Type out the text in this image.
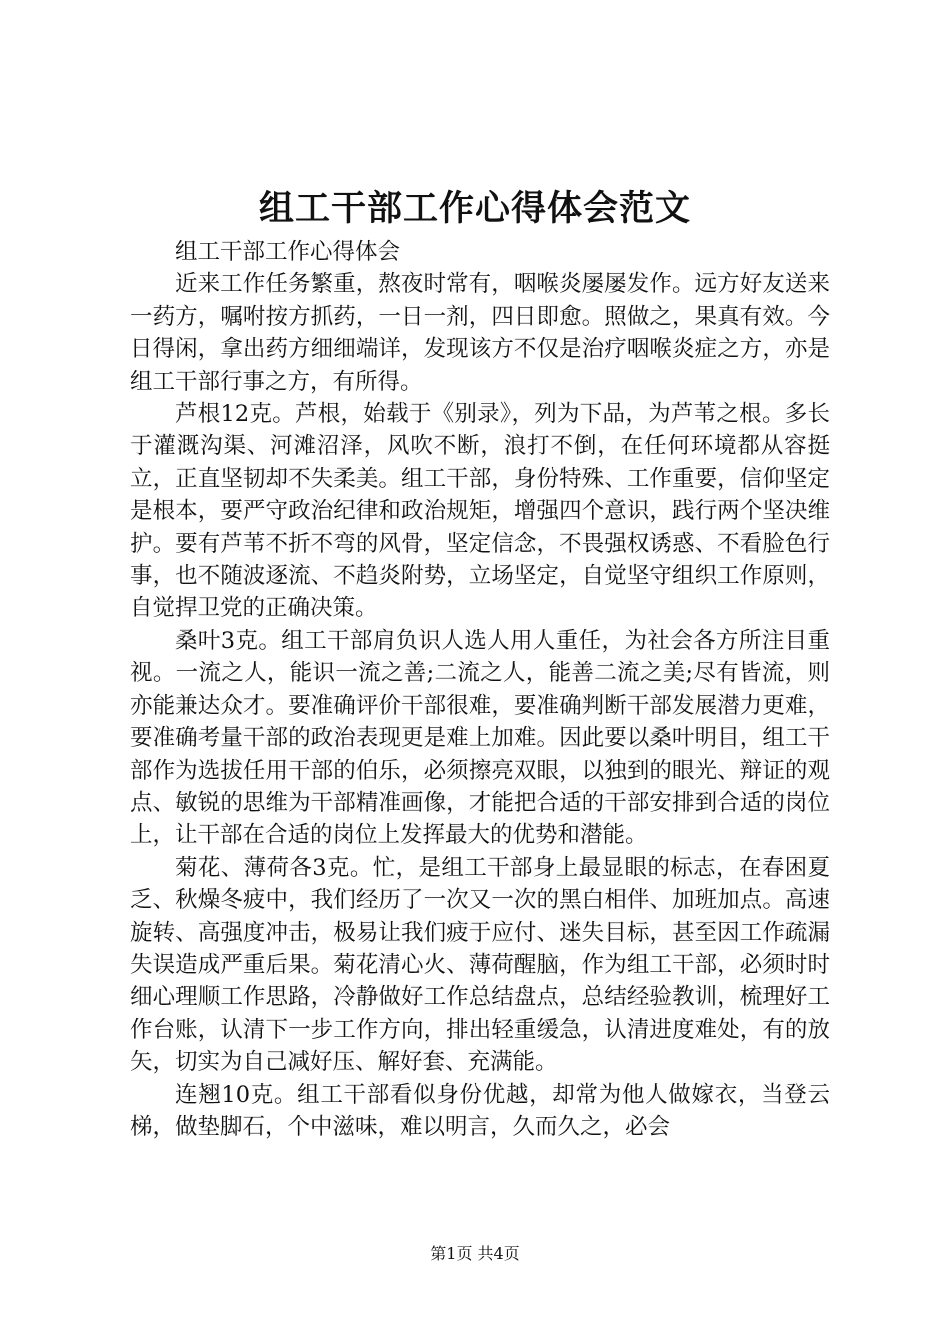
组工干部工作心得体会范文

组工干部工作心得体会

近来工作任务繁重，熬夜时常有，咽喉炎屡屡发作。远方好友送来一药方，嘱咐按方抓药，一日一剂，四日即愈。照做之，果真有效。今日得闲，拿出药方细细端详，发现该方不仅是治疗咽喉炎症之方，亦是组工干部行事之方，有所得。

芦根12克。芦根，始载于《别录》，列为下品，为芦苇之根。多长于灌溉沟渠、河滩沼泽，风吹不断，浪打不倒，在任何环境都从容挺立，正直坚韧却不失柔美。组工干部，身份特殊、工作重要，信仰坚定是根本，要严守政治纪律和政治规矩，增强四个意识，践行两个坚决维护。要有芦苇不折不弯的风骨，坚定信念，不畏强权诱惑、不看脸色行事，也不随波逐流、不趋炎附势，立场坚定，自觉坚守组织工作原则，自觉捍卫党的正确决策。

桑叶3克。组工干部肩负识人选人用人重任，为社会各方所注目重视。一流之人，能识一流之善;二流之人，能善二流之美;尽有皆流，则亦能兼达众才。要准确评价干部很难，要准确判断干部发展潜力更难，要准确考量干部的政治表现更是难上加难。因此要以桑叶明目，组工干部作为选拔任用干部的伯乐，必须擦亮双眼，以独到的眼光、辩证的观点、敏锐的思维为干部精准画像，才能把合适的干部安排到合适的岗位上，让干部在合适的岗位上发挥最大的优势和潜能。

菊花、薄荷各3克。忙，是组工干部身上最显眼的标志，在春困夏乏、秋燥冬疲中，我们经历了一次又一次的黑白相伴、加班加点。高速旋转、高强度冲击，极易让我们疲于应付、迷失目标，甚至因工作疏漏失误造成严重后果。菊花清心火、薄荷醒脑，作为组工干部，必须时时细心理顺工作思路，冷静做好工作总结盘点，总结经验教训，梳理好工作台账，认清下一步工作方向，排出轻重缓急，认清进度难处，有的放矢，切实为自己减好压、解好套、充满能。

连翘10克。组工干部看似身份优越，却常为他人做嫁衣，当登云梯，做垫脚石，个中滋味，难以明言，久而久之，必会

第1页 共4页
